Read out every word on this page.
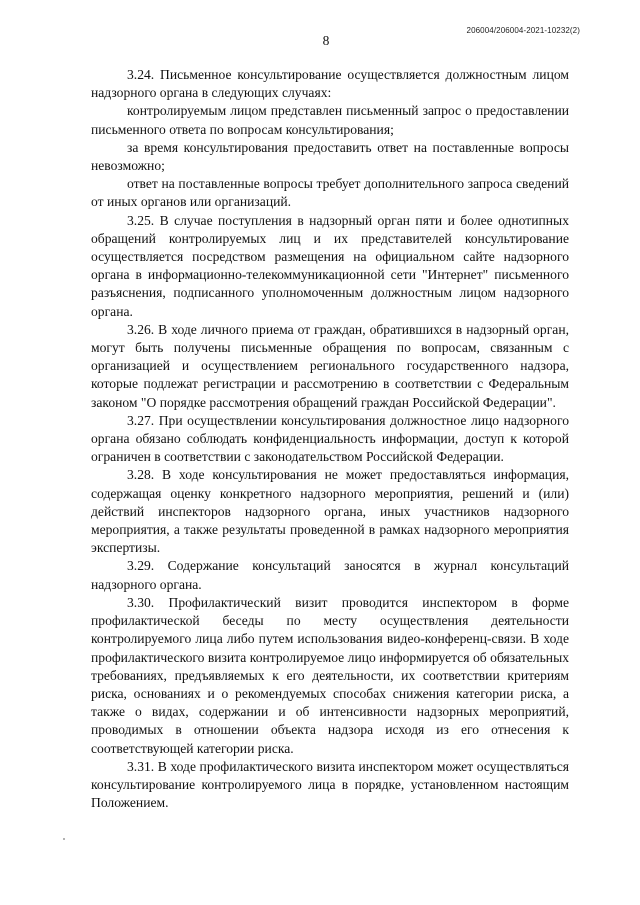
206004/206004-2021-10232(2)
8

3.24. Письменное консультирование осуществляется должностным лицом надзорного органа в следующих случаях:

контролируемым лицом представлен письменный запрос о предоставлении письменного ответа по вопросам консультирования;

за время консультирования предоставить ответ на поставленные вопросы невозможно;

ответ на поставленные вопросы требует дополнительного запроса сведений от иных органов или организаций.

3.25. В случае поступления в надзорный орган пяти и более однотипных обращений контролируемых лиц и их представителей консультирование осуществляется посредством размещения на официальном сайте надзорного органа в информационно-телекоммуникационной сети "Интернет" письменного разъяснения, подписанного уполномоченным должностным лицом надзорного органа.

3.26. В ходе личного приема от граждан, обратившихся в надзорный орган, могут быть получены письменные обращения по вопросам, связанным с организацией и осуществлением регионального государственного надзора, которые подлежат регистрации и рассмотрению в соответствии с Федеральным законом "О порядке рассмотрения обращений граждан Российской Федерации".

3.27. При осуществлении консультирования должностное лицо надзорного органа обязано соблюдать конфиденциальность информации, доступ к которой ограничен в соответствии с законодательством Российской Федерации.

3.28. В ходе консультирования не может предоставляться информация, содержащая оценку конкретного надзорного мероприятия, решений и (или) действий инспекторов надзорного органа, иных участников надзорного мероприятия, а также результаты проведенной в рамках надзорного мероприятия экспертизы.

3.29. Содержание консультаций заносятся в журнал консультаций надзорного органа.

3.30. Профилактический визит проводится инспектором в форме профилактической беседы по месту осуществления деятельности контролируемого лица либо путем использования видео-конференц-связи. В ходе профилактического визита контролируемое лицо информируется об обязательных требованиях, предъявляемых к его деятельности, их соответствии критериям риска, основаниях и о рекомендуемых способах снижения категории риска, а также о видах, содержании и об интенсивности надзорных мероприятий, проводимых в отношении объекта надзора исходя из его отнесения к соответствующей категории риска.

3.31. В ходе профилактического визита инспектором может осуществляться консультирование контролируемого лица в порядке, установленном настоящим Положением.
